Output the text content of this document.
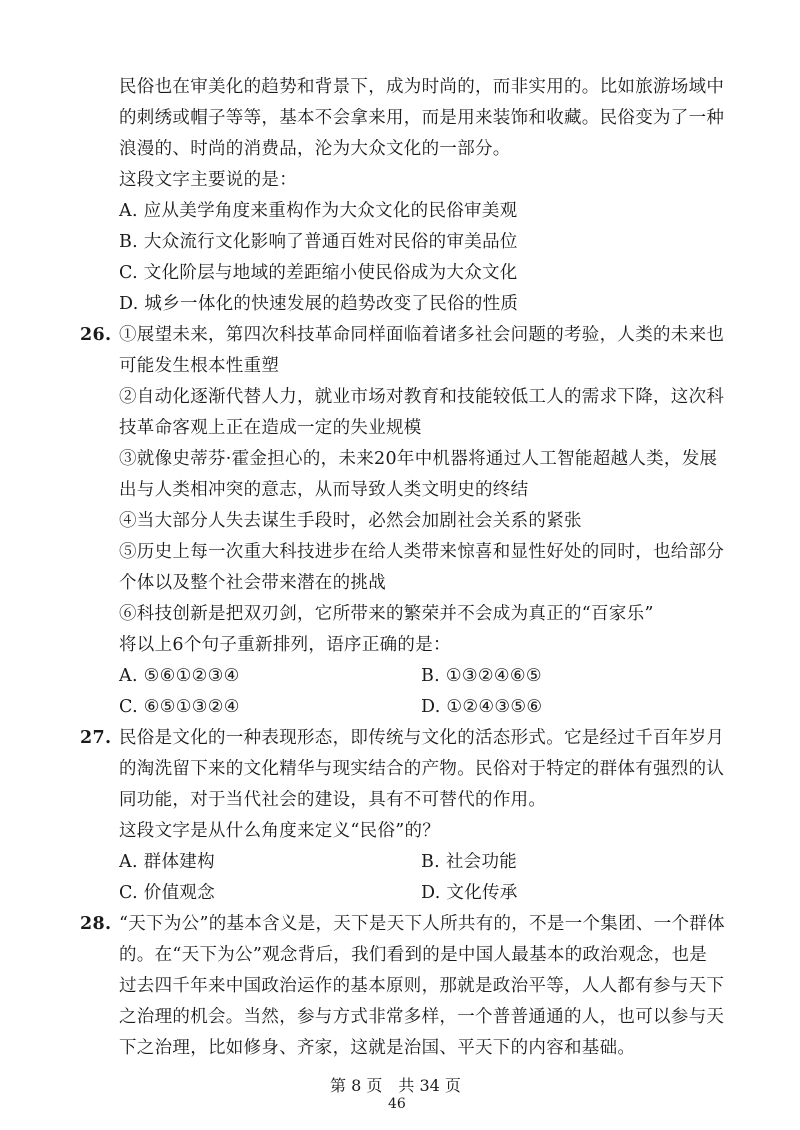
民俗也在审美化的趋势和背景下，成为时尚的，而非实用的。比如旅游场域中
的刺绣或帽子等等，基本不会拿来用，而是用来装饰和收藏。民俗变为了一种
浪漫的、时尚的消费品，沦为大众文化的一部分。
这段文字主要说的是：
A. 应从美学角度来重构作为大众文化的民俗审美观
B. 大众流行文化影响了普通百姓对民俗的审美品位
C. 文化阶层与地域的差距缩小使民俗成为大众文化
D. 城乡一体化的快速发展的趋势改变了民俗的性质
26. ①展望未来，第四次科技革命同样面临着诸多社会问题的考验，人类的未来也
可能发生根本性重塑
②自动化逐渐代替人力，就业市场对教育和技能较低工人的需求下降，这次科
技革命客观上正在造成一定的失业规模
③就像史蒂芬·霍金担心的，未来20年中机器将通过人工智能超越人类，发展
出与人类相冲突的意志，从而导致人类文明史的终结
④当大部分人失去谋生手段时，必然会加剧社会关系的紧张
⑤历史上每一次重大科技进步在给人类带来惊喜和显性好处的同时，也给部分
个体以及整个社会带来潜在的挑战
⑥科技创新是把双刃剑，它所带来的繁荣并不会成为真正的“百家乐”
将以上6个句子重新排列，语序正确的是：
A. ⑤⑥①②③④	B. ①③②④⑥⑤
C. ⑥⑤①③②④	D. ①②④③⑤⑥
27. 民俗是文化的一种表现形态，即传统与文化的活态形式。它是经过千百年岁月
的淘洗留下来的文化精华与现实结合的产物。民俗对于特定的群体有强烈的认
同功能，对于当代社会的建设，具有不可替代的作用。
这段文字是从什么角度来定义“民俗”的？
A. 群体建构	B. 社会功能
C. 价值观念	D. 文化传承
28. “天下为公”的基本含义是，天下是天下人所共有的，不是一个集团、一个群体
的。在“天下为公”观念背后，我们看到的是中国人最基本的政治观念，也是
过去四千年来中国政治运作的基本原则，那就是政治平等，人人都有参与天下
之治理的机会。当然，参与方式非常多样，一个普普通通的人，也可以参与天
下之治理，比如修身、齐家，这就是治国、平天下的内容和基础。
第 8 页　共 34 页
46
